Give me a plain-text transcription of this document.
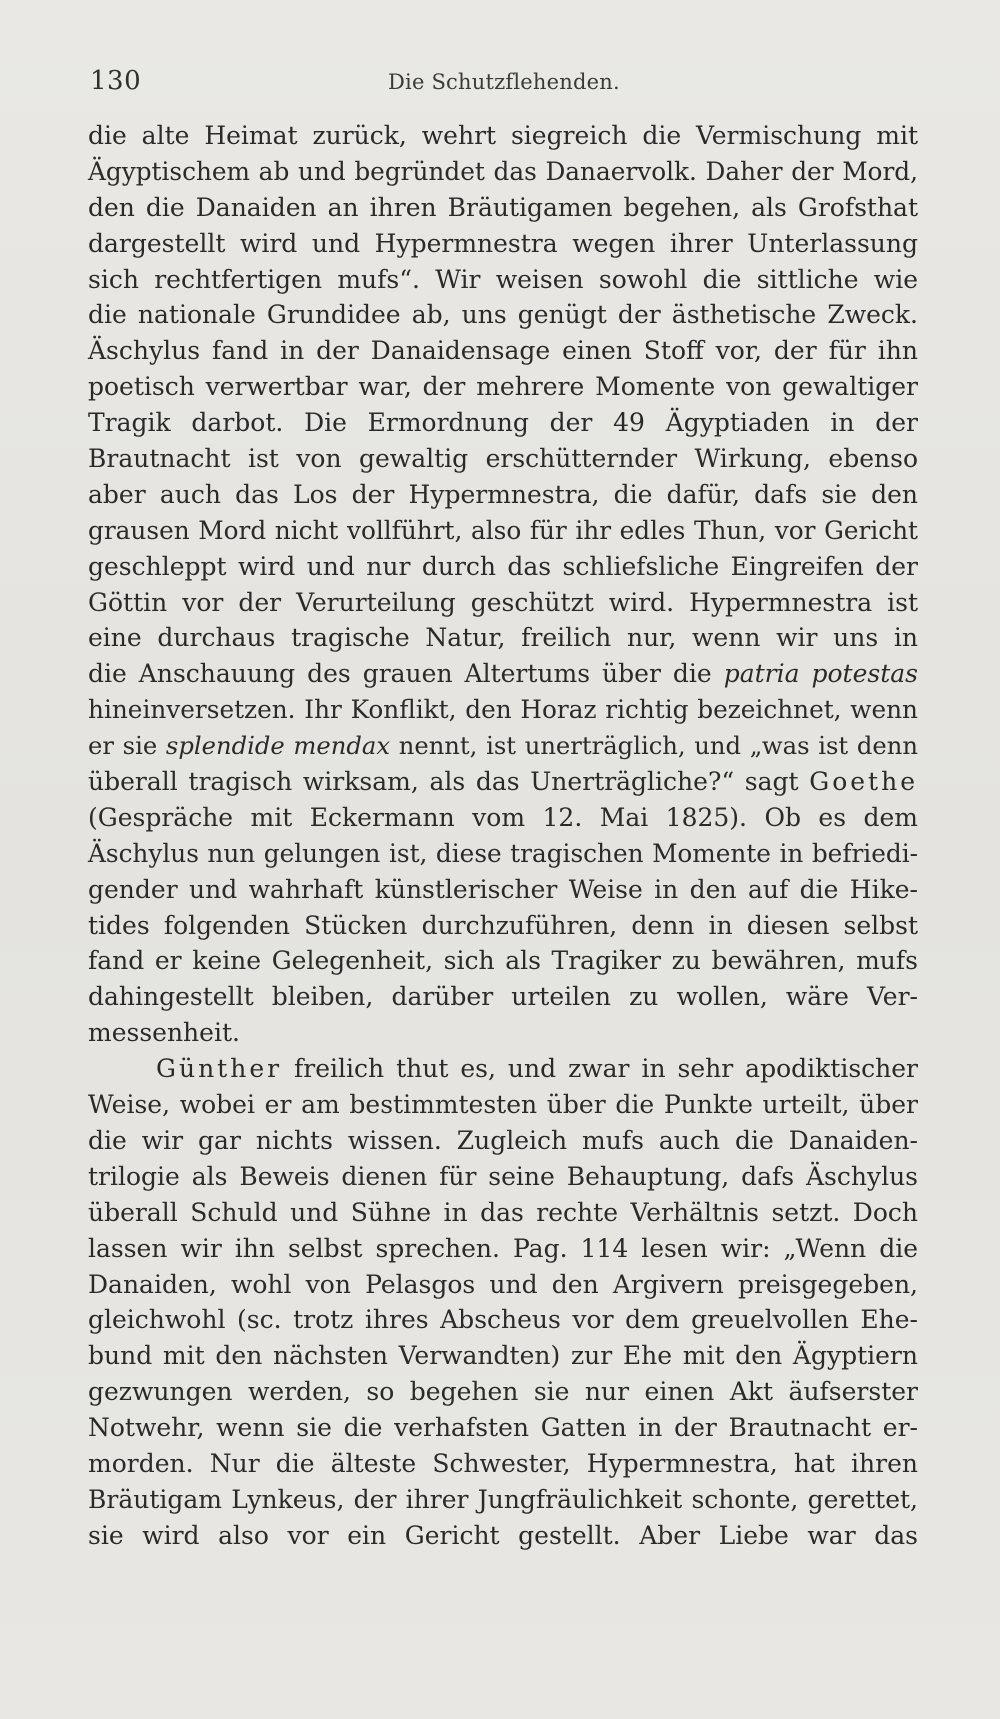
130	Die Schutzflehenden.
die alte Heimat zurück, wehrt siegreich die Vermischung mit
Ägyptischem ab und begründet das Danaervolk. Daher der Mord,
den die Danaiden an ihren Bräutigamen begehen, als Grofsthat
dargestellt wird und Hypermnestra wegen ihrer Unterlassung
sich rechtfertigen mufs“. Wir weisen sowohl die sittliche wie
die nationale Grundidee ab, uns genügt der ästhetische Zweck.
Äschylus fand in der Danaidensage einen Stoff vor, der für ihn
poetisch verwertbar war, der mehrere Momente von gewaltiger
Tragik darbot. Die Ermordnung der 49 Ägyptiaden in der
Brautnacht ist von gewaltig erschütternder Wirkung, ebenso
aber auch das Los der Hypermnestra, die dafür, dafs sie den
grausen Mord nicht vollführt, also für ihr edles Thun, vor Gericht
geschleppt wird und nur durch das schliefsliche Eingreifen der
Göttin vor der Verurteilung geschützt wird. Hypermnestra ist
eine durchaus tragische Natur, freilich nur, wenn wir uns in
die Anschauung des grauen Altertums über die patria potestas
hineinversetzen. Ihr Konflikt, den Horaz richtig bezeichnet, wenn
er sie splendide mendax nennt, ist unerträglich, und „was ist denn
überall tragisch wirksam, als das Unerträgliche?“ sagt Goethe
(Gespräche mit Eckermann vom 12. Mai 1825). Ob es dem
Äschylus nun gelungen ist, diese tragischen Momente in befriedi-
gender und wahrhaft künstlerischer Weise in den auf die Hike-
tides folgenden Stücken durchzuführen, denn in diesen selbst
fand er keine Gelegenheit, sich als Tragiker zu bewähren, mufs
dahingestellt bleiben, darüber urteilen zu wollen, wäre Ver-
messenheit.
Günther freilich thut es, und zwar in sehr apodiktischer
Weise, wobei er am bestimmtesten über die Punkte urteilt, über
die wir gar nichts wissen. Zugleich mufs auch die Danaiden-
trilogie als Beweis dienen für seine Behauptung, dafs Äschylus
überall Schuld und Sühne in das rechte Verhältnis setzt. Doch
lassen wir ihn selbst sprechen. Pag. 114 lesen wir: „Wenn die
Danaiden, wohl von Pelasgos und den Argivern preisgegeben,
gleichwohl (sc. trotz ihres Abscheus vor dem greuelvollen Ehe-
bund mit den nächsten Verwandten) zur Ehe mit den Ägyptiern
gezwungen werden, so begehen sie nur einen Akt äufserster
Notwehr, wenn sie die verhafsten Gatten in der Brautnacht er-
morden. Nur die älteste Schwester, Hypermnestra, hat ihren
Bräutigam Lynkeus, der ihrer Jungfräulichkeit schonte, gerettet,
sie wird also vor ein Gericht gestellt. Aber Liebe war das
